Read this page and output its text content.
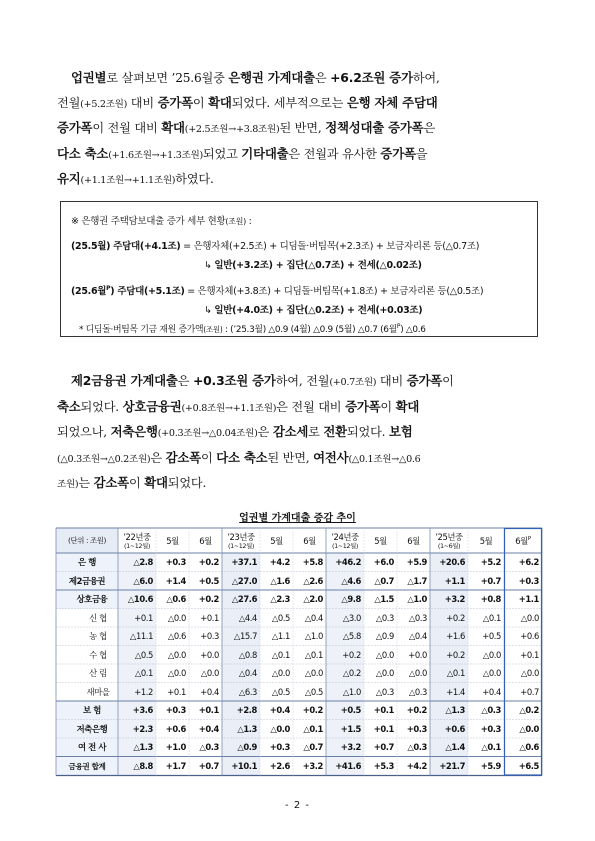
업권별로 살펴보면 ’25.6월중 은행권 가계대출은 +6.2조원 증가하여,
전월(+5.2조원) 대비 증가폭이 확대되었다. 세부적으로는 은행 자체 주담대
증가폭이 전월 대비 확대(+2.5조원→+3.8조원)된 반면, 정책성대출 증가폭은
다소 축소(+1.6조원→+1.3조원)되었고 기타대출은 전월과 유사한 증가폭을
유지(+1.1조원→+1.1조원)하였다.
※ 은행권 주택담보대출 증가 세부 현황(조원) :
(25.5월) 주담대(+4.1조) = 은행자체(+2.5조) + 디딤돌·버팀목(+2.3조) + 보금자리론 등(△0.7조)
↳ 일반(+3.2조) + 집단(△0.7조) + 전세(△0.02조)
(25.6월$^P$) 주담대(+5.1조) = 은행자체(+3.8조) + 디딤돌·버팀목(+1.8조) + 보금자리론 등(△0.5조)
↳ 일반(+4.0조) + 집단(△0.2조) + 전세(+0.03조)
* 디딤돌·버팀목 기금 재원 증가액(조원) : (’25.3월) △0.9 (4월) △0.9 (5월) △0.7 (6월$^P$) △0.6
제2금융권 가계대출은 +0.3조원 증가하여, 전월(+0.7조원) 대비 증가폭이
축소되었다. 상호금융권(+0.8조원→+1.1조원)은 전월 대비 증가폭이 확대
되었으나, 저축은행(+0.3조원→△0.04조원)은 감소세로 전환되었다. 보험
(△0.3조원→△0.2조원)은 감소폭이 다소 축소된 반면, 여전사(△0.1조원→△0.6
조원)는 감소폭이 확대되었다.
업권별 가계대출 증감 추이
(단위 : 조원)	’22년중
(1~12월)	5월	6월	’23년중
(1~12월)	5월	6월	’24년중
(1~12월)	5월	6월	’25년중
(1~6월)	5월	6월$^P$
은 행	△2.8	+0.3	+0.2	+37.1	+4.2	+5.8	+46.2	+6.0	+5.9	+20.6	+5.2	+6.2
제2금융권	△6.0	+1.4	+0.5	△27.0	△1.6	△2.6	△4.6	△0.7	△1.7	+1.1	+0.7	+0.3
상호금융	△10.6	△0.6	+0.2	△27.6	△2.3	△2.0	△9.8	△1.5	△1.0	+3.2	+0.8	+1.1
신 협	+0.1	△0.0	+0.1	△4.4	△0.5	△0.4	△3.0	△0.3	△0.3	+0.2	△0.1	△0.0
농 협	△11.1	△0.6	+0.3	△15.7	△1.1	△1.0	△5.8	△0.9	△0.4	+1.6	+0.5	+0.6
수 협	△0.5	△0.0	+0.0	△0.8	△0.1	△0.1	+0.2	△0.0	+0.0	+0.2	△0.0	+0.1
산 림	△0.1	△0.0	△0.0	△0.4	△0.0	△0.0	△0.2	△0.0	△0.0	△0.1	△0.0	△0.0
새마을	+1.2	+0.1	+0.4	△6.3	△0.5	△0.5	△1.0	△0.3	△0.3	+1.4	+0.4	+0.7
보 험	+3.6	+0.3	+0.1	+2.8	+0.4	+0.2	+0.5	+0.1	+0.2	△1.3	△0.3	△0.2
저축은행	+2.3	+0.6	+0.4	△1.3	△0.0	△0.1	+1.5	+0.1	+0.3	+0.6	+0.3	△0.0
여 전 사	△1.3	+1.0	△0.3	△0.9	+0.3	△0.7	+3.2	+0.7	△0.3	△1.4	△0.1	△0.6
금융권 합계	△8.8	+1.7	+0.7	+10.1	+2.6	+3.2	+41.6	+5.3	+4.2	+21.7	+5.9	+6.5
- 2 -
